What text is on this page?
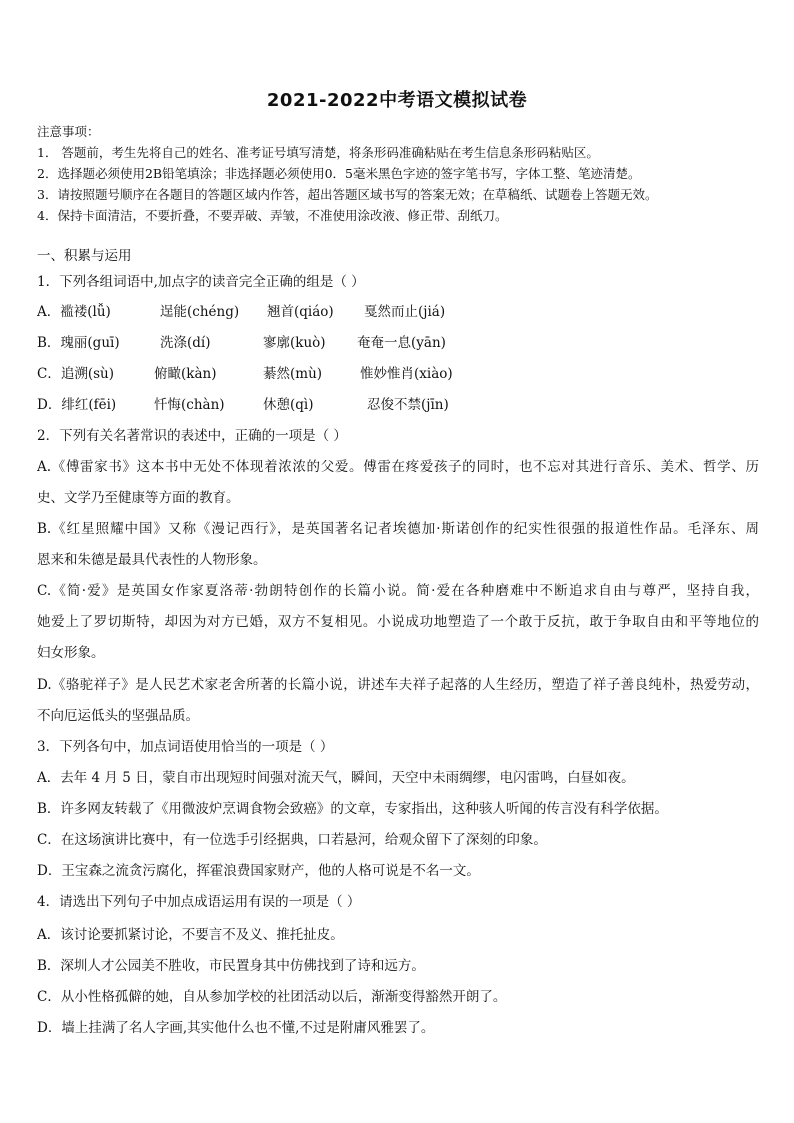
2021-2022中考语文模拟试卷
注意事项：
1． 答题前，考生先将自己的姓名、准考证号填写清楚，将条形码准确粘贴在考生信息条形码粘贴区。
2．选择题必须使用2B铅笔填涂；非选择题必须使用0．5毫米黑色字迹的签字笔书写，字体工整、笔迹清楚。
3．请按照题号顺序在各题目的答题区域内作答，超出答题区域书写的答案无效；在草稿纸、试题卷上答题无效。
4．保持卡面清洁，不要折叠，不要弄破、弄皱，不准使用涂改液、修正带、刮纸刀。
一、积累与运用
1．下列各组词语中,加点字的读音完全正确的组是（ ）
A．褴褛(lǚ)	逞能(chéng) 翘首(qiáo) 戛然而止(jiá)
B．瑰丽(guī)	洗涤(dí)	寥廓(kuò) 奄奄一息(yān)
C．追溯(sù)	俯瞰(kàn)	綦然(mù)	惟妙惟肖(xiào)
D．绯红(fēi)	忏悔(chàn)	休憩(qì)	忍俊不禁(jīn)
2．下列有关名著常识的表述中，正确的一项是（ ）
A.《傅雷家书》这本书中无处不体现着浓浓的父爱。傅雷在疼爱孩子的同时，也不忘对其进行音乐、美术、哲学、历
史、文学乃至健康等方面的教育。
B.《红星照耀中国》又称《漫记西行》，是英国著名记者埃德加·斯诺创作的纪实性很强的报道性作品。毛泽东、周
恩来和朱德是最具代表性的人物形象。
C.《简·爱》是英国女作家夏洛蒂·勃朗特创作的长篇小说。简·爱在各种磨难中不断追求自由与尊严，坚持自我，
她爱上了罗切斯特，却因为对方已婚，双方不复相见。小说成功地塑造了一个敢于反抗，敢于争取自由和平等地位的
妇女形象。
D.《骆驼祥子》是人民艺术家老舍所著的长篇小说，讲述车夫祥子起落的人生经历，塑造了祥子善良纯朴，热爱劳动，
不向厄运低头的坚强品质。
3．下列各句中，加点词语使用恰当的一项是（ ）
A．去年 4 月 5 日，蒙自市出现短时间强对流天气，瞬间，天空中未雨绸缪，电闪雷鸣，白昼如夜。
B．许多网友转载了《用微波炉烹调食物会致癌》的文章，专家指出，这种骇人听闻的传言没有科学依据。
C．在这场演讲比赛中，有一位选手引经据典，口若悬河，给观众留下了深刻的印象。
D．王宝森之流贪污腐化，挥霍浪费国家财产，他的人格可说是不名一文。
4．请选出下列句子中加点成语运用有误的一项是（ ）
A．该讨论要抓紧讨论，不要言不及义、推托扯皮。
B．深圳人才公园美不胜收，市民置身其中仿佛找到了诗和远方。
C．从小性格孤僻的她，自从参加学校的社团活动以后，渐渐变得豁然开朗了。
D．墙上挂满了名人字画,其实他什么也不懂,不过是附庸风雅罢了。
